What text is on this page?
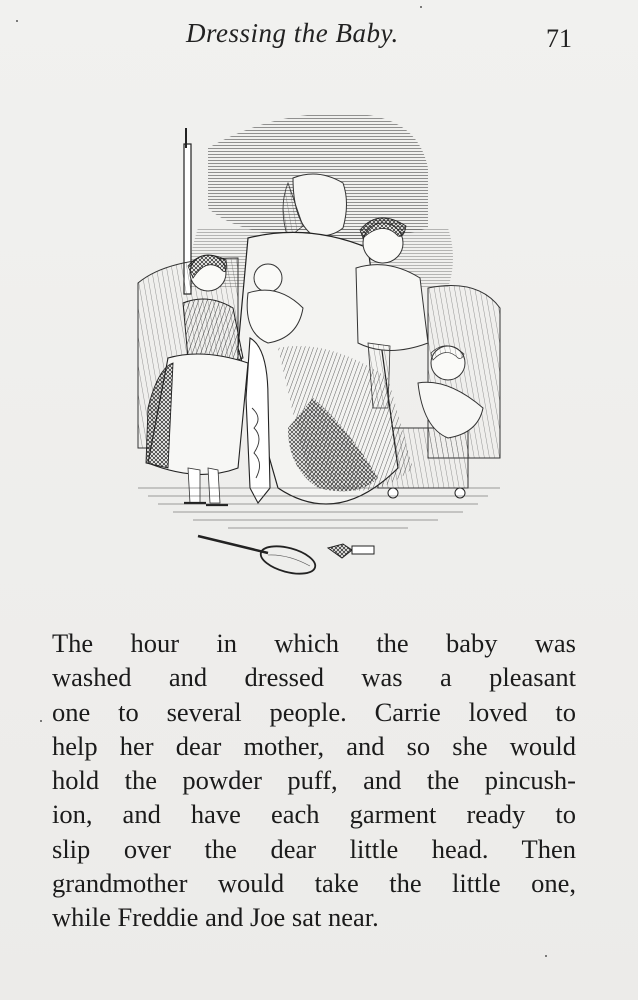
Dressing the Baby.	71
The hour in which the baby was
washed and dressed was a pleasant
one to several people. Carrie loved to
help her dear mother, and so she would
hold the powder puff, and the pincush-
ion, and have each garment ready to
slip over the dear little head. Then
grandmother would take the little one,
while Freddie and Joe sat near.
